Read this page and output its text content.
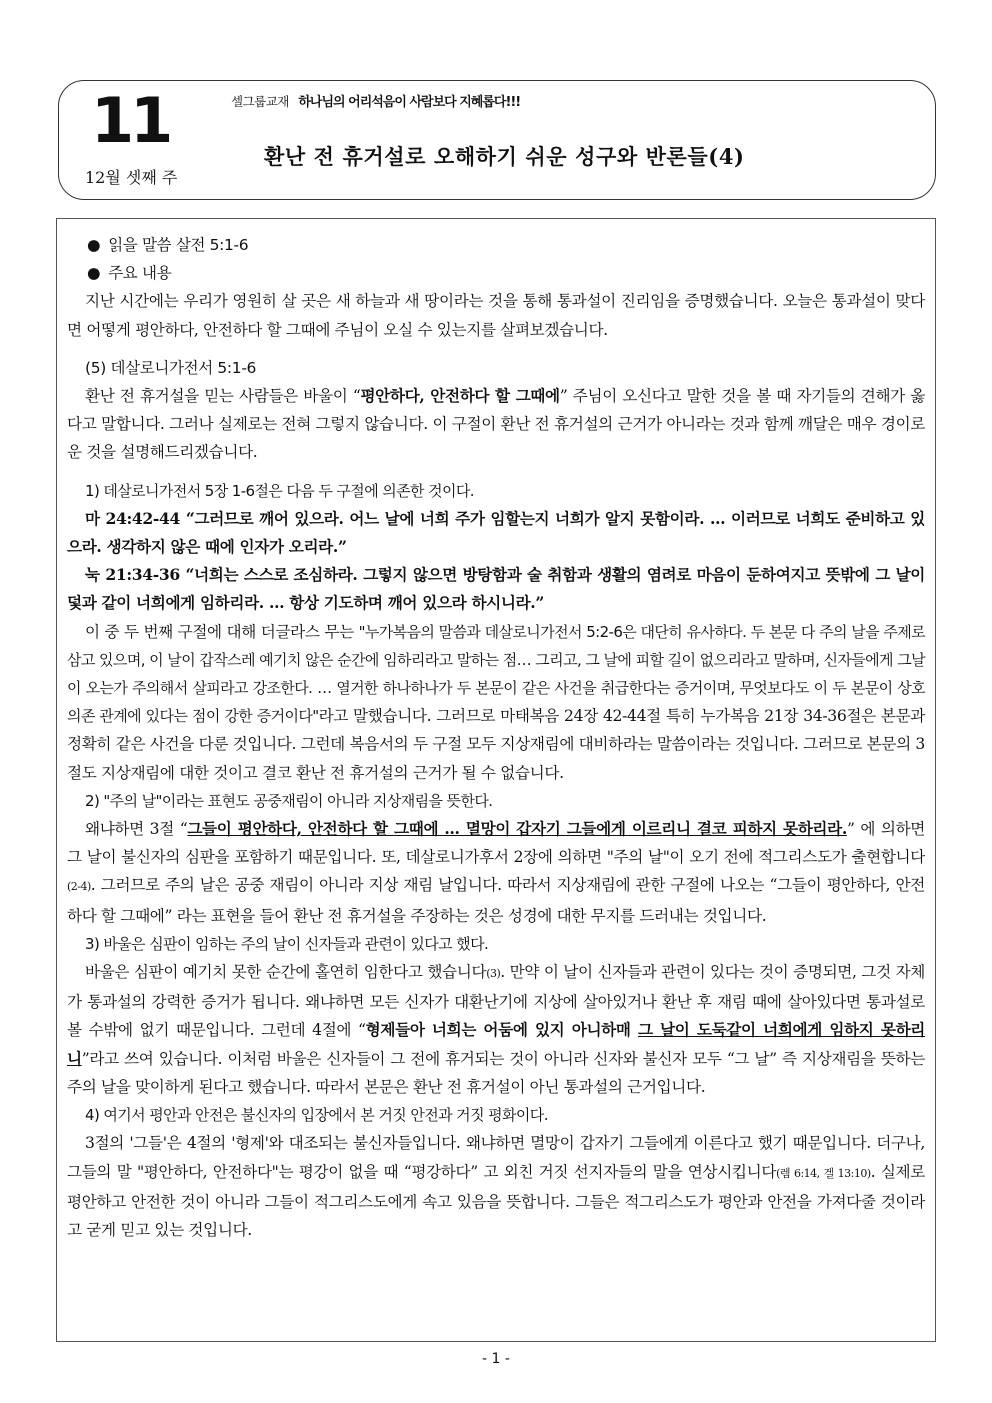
11
12월 셋째 주
셀그룹교재 하나님의 어리석음이 사람보다 지혜롭다!!!
환난 전 휴거설로 오해하기 쉬운 성구와 반론들(4)

● 읽을 말씀 살전 5:1-6

● 주요 내용

지난 시간에는 우리가 영원히 살 곳은 새 하늘과 새 땅이라는 것을 통해 통과설이 진리임을 증명했습니다. 오늘은 통과설이 맞다면 어떻게 평안하다, 안전하다 할 그때에 주님이 오실 수 있는지를 살펴보겠습니다.

(5) 데살로니가전서 5:1-6

환난 전 휴거설을 믿는 사람들은 바울이 “평안하다, 안전하다 할 그때에” 주님이 오신다고 말한 것을 볼 때 자기들의 견해가 옳다고 말합니다. 그러나 실제로는 전혀 그렇지 않습니다. 이 구절이 환난 전 휴거설의 근거가 아니라는 것과 함께 깨달은 매우 경이로운 것을 설명해드리겠습니다.

1) 데살로니가전서 5장 1-6절은 다음 두 구절에 의존한 것이다.

마 24:42-44 “그러므로 깨어 있으라. 어느 날에 너희 주가 임할는지 너희가 알지 못함이라. … 이러므로 너희도 준비하고 있으라. 생각하지 않은 때에 인자가 오리라.”

눅 21:34-36 “너희는 스스로 조심하라. 그렇지 않으면 방탕함과 술 취함과 생활의 염려로 마음이 둔하여지고 뜻밖에 그 날이 덫과 같이 너희에게 임하리라. … 항상 기도하며 깨어 있으라 하시니라.”

이 중 두 번째 구절에 대해 더글라스 무는 "누가복음의 말씀과 데살로니가전서 5:2-6은 대단히 유사하다. 두 본문 다 주의 날을 주제로 삼고 있으며, 이 날이 갑작스레 예기치 않은 순간에 임하리라고 말하는 점… 그리고, 그 날에 피할 길이 없으리라고 말하며, 신자들에게 그날이 오는가 주의해서 살피라고 강조한다. … 열거한 하나하나가 두 본문이 같은 사건을 취급한다는 증거이며, 무엇보다도 이 두 본문이 상호의존 관계에 있다는 점이 강한 증거이다"라고 말했습니다. 그러므로 마태복음 24장 42-44절 특히 누가복음 21장 34-36절은 본문과 정확히 같은 사건을 다룬 것입니다. 그런데 복음서의 두 구절 모두 지상재림에 대비하라는 말씀이라는 것입니다. 그러므로 본문의 3절도 지상재림에 대한 것이고 결코 환난 전 휴거설의 근거가 될 수 없습니다.

2) "주의 날"이라는 표현도 공중재림이 아니라 지상재림을 뜻한다.

왜냐하면 3절 “그들이 평안하다, 안전하다 할 그때에 … 멸망이 갑자기 그들에게 이르리니 결코 피하지 못하리라.” 에 의하면 그 날이 불신자의 심판을 포함하기 때문입니다. 또, 데살로니가후서 2장에 의하면 "주의 날"이 오기 전에 적그리스도가 출현합니다(2-4). 그러므로 주의 날은 공중 재림이 아니라 지상 재림 날입니다. 따라서 지상재림에 관한 구절에 나오는 “그들이 평안하다, 안전하다 할 그때에” 라는 표현을 들어 환난 전 휴거설을 주장하는 것은 성경에 대한 무지를 드러내는 것입니다.

3) 바울은 심판이 임하는 주의 날이 신자들과 관련이 있다고 했다.

바울은 심판이 예기치 못한 순간에 홀연히 임한다고 했습니다(3). 만약 이 날이 신자들과 관련이 있다는 것이 증명되면, 그것 자체가 통과설의 강력한 증거가 됩니다. 왜냐하면 모든 신자가 대환난기에 지상에 살아있거나 환난 후 재림 때에 살아있다면 통과설로 볼 수밖에 없기 때문입니다. 그런데 4절에 “형제들아 너희는 어둠에 있지 아니하매 그 날이 도둑같이 너희에게 임하지 못하리니”라고 쓰여 있습니다. 이처럼 바울은 신자들이 그 전에 휴거되는 것이 아니라 신자와 불신자 모두 “그 날” 즉 지상재림을 뜻하는 주의 날을 맞이하게 된다고 했습니다. 따라서 본문은 환난 전 휴거설이 아닌 통과설의 근거입니다.

4) 여기서 평안과 안전은 불신자의 입장에서 본 거짓 안전과 거짓 평화이다.

3절의 '그들'은 4절의 '형제'와 대조되는 불신자들입니다. 왜냐하면 멸망이 갑자기 그들에게 이른다고 했기 때문입니다. 더구나, 그들의 말 "평안하다, 안전하다"는 평강이 없을 때 “평강하다” 고 외친 거짓 선지자들의 말을 연상시킵니다(렘 6:14, 겔 13:10). 실제로 평안하고 안전한 것이 아니라 그들이 적그리스도에게 속고 있음을 뜻합니다. 그들은 적그리스도가 평안과 안전을 가져다줄 것이라고 굳게 믿고 있는 것입니다.

- 1 -
